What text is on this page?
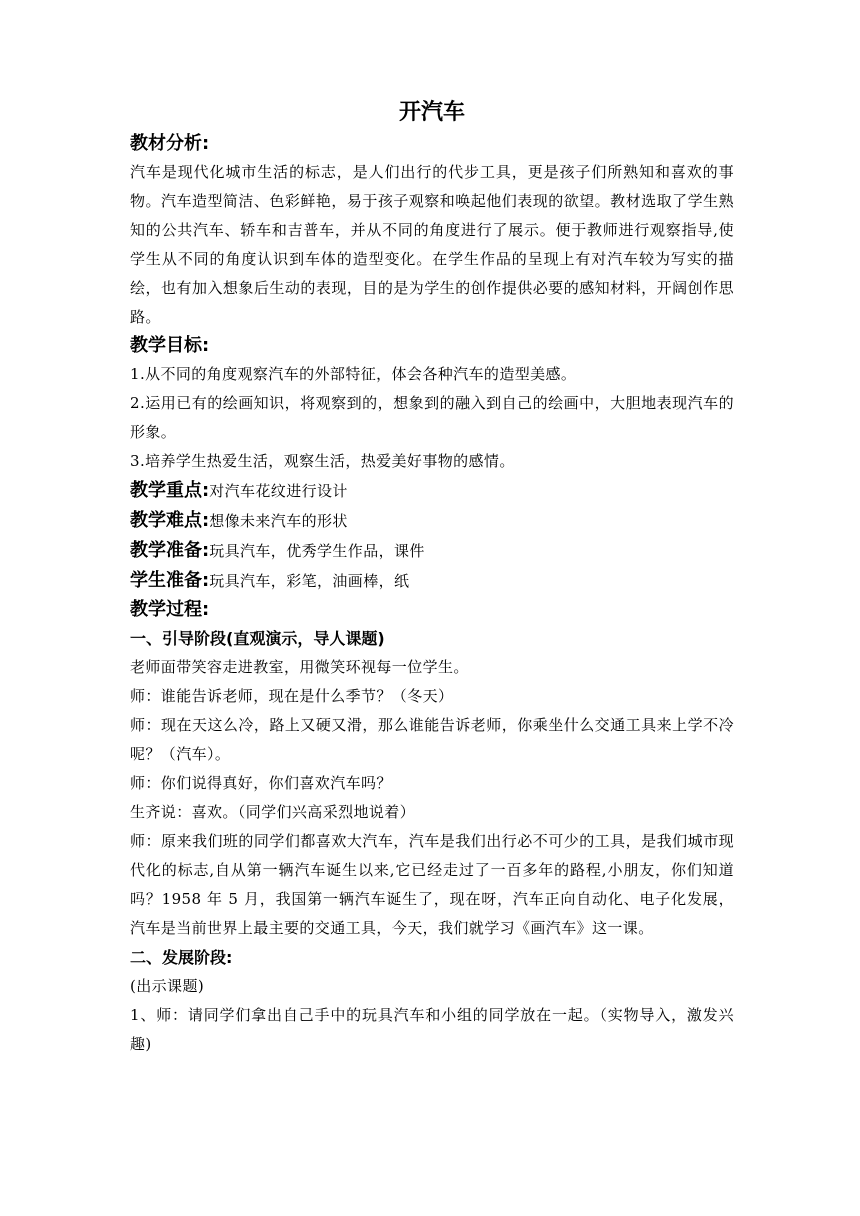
开汽车
教材分析:

汽车是现代化城市生活的标志，是人们出行的代步工具，更是孩子们所熟知和喜欢的事物。汽车造型简洁、色彩鲜艳，易于孩子观察和唤起他们表现的欲望。教材选取了学生熟知的公共汽车、轿车和吉普车，并从不同的角度进行了展示。便于教师进行观察指导,使学生从不同的角度认识到车体的造型变化。在学生作品的呈现上有对汽车较为写实的描绘，也有加入想象后生动的表现，目的是为学生的创作提供必要的感知材料，开阔创作思路。

教学目标:

1.从不同的角度观察汽车的外部特征，体会各种汽车的造型美感。

2.运用已有的绘画知识，将观察到的，想象到的融入到自己的绘画中，大胆地表现汽车的形象。

3.培养学生热爱生活，观察生活，热爱美好事物的感情。

教学重点:对汽车花纹进行设计
教学难点:想像未来汽车的形状
教学准备:玩具汽车，优秀学生作品，课件
学生准备:玩具汽车，彩笔，油画棒，纸
教学过程:
一、引导阶段(直观演示，导人课题)

老师面带笑容走进教室，用微笑环视每一位学生。

师：谁能告诉老师，现在是什么季节？（冬天）

师：现在天这么冷，路上又硬又滑，那么谁能告诉老师，你乘坐什么交通工具来上学不冷呢？（汽车）。

师：你们说得真好，你们喜欢汽车吗？

生齐说：喜欢。（同学们兴高采烈地说着）

师：原来我们班的同学们都喜欢大汽车，汽车是我们出行必不可少的工具，是我们城市现代化的标志,自从第一辆汽车诞生以来,它已经走过了一百多年的路程,小朋友，你们知道吗？1958 年 5 月，我国第一辆汽车诞生了，现在呀，汽车正向自动化、电子化发展，汽车是当前世界上最主要的交通工具，今天，我们就学习《画汽车》这一课。

二、发展阶段:

(出示课题)

1、师：请同学们拿出自己手中的玩具汽车和小组的同学放在一起。（实物导入，激发兴趣)
